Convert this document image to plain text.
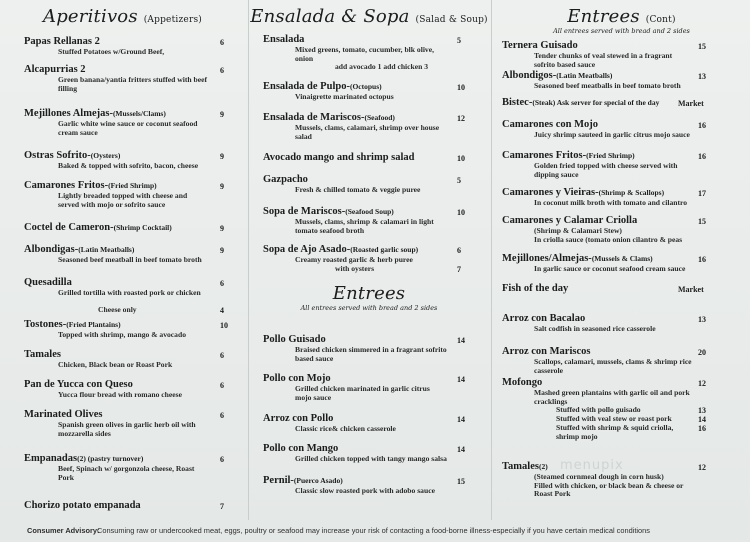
Aperitivos (Appetizers)
Papas Rellanas 2	6
Stuffed Potatoes w/Ground Beef,
Alcapurrias 2	6
Green banana/yantia fritters stuffed with beef filling
Mejillones Almejas-(Mussels/Clams)	9
Garlic white wine sauce or coconut seafood cream sauce
Ostras Sofrito-(Oysters)	9
Baked & topped with sofrito, bacon, cheese
Camarones Fritos-(Fried Shrimp)	9
Lightly breaded topped with cheese and served with mojo or sofrito sauce
Coctel de Cameron-(Shrimp Cocktail)	9
Albondigas-(Latin Meatballs)	9
Seasoned beef meatball in beef tomato broth
Quesadilla	6
Grilled tortilla with roasted pork or chicken
Cheese only	4
Tostones-(Fried Plantains)	10
Topped with shrimp, mango & avocado
Tamales	6
Chicken, Black bean or Roast Pork
Pan de Yucca con Queso	6
Yucca flour bread with romano cheese
Marinated Olives	6
Spanish green olives in garlic herb oil with mozzarella sides
Empanadas(2) (pastry turnover)	6
Beef, Spinach w/ gorgonzola cheese, Roast Pork
Chorizo potato empanada	7
Ensalada & Sopa (Salad & Soup)
Entrees
All entrees served with bread and 2 sides
Ensalada	5
Mixed greens, tomato, cucumber, blk olive, onion
add avocado 1 add chicken 3
Ensalada de Pulpo-(Octopus)	10
Vinaigrette marinated octopus
Ensalada de Mariscos-(Seafood)	12
Mussels, clams, calamari, shrimp over house salad
Avocado mango and shrimp salad	10
Gazpacho	5
Fresh & chilled tomato & veggie puree
Sopa de Mariscos-(Seafood Soup)	10
Mussels, clams, shrimp & calamari in light tomato seafood broth
Sopa de Ajo Asado-(Roasted garlic soup)	6
Creamy roasted garlic & herb puree
with oysters	7
Pollo Guisado	14
Braised chicken simmered in a fragrant sofrito based sauce
Pollo con Mojo	14
Grilled chicken marinated in garlic citrus mojo sauce
Arroz con Pollo	14
Classic rice& chicken casserole
Pollo con Mango	14
Grilled chicken topped with tangy mango salsa
Pernil-(Puerco Asado)	15
Classic slow roasted pork with adobo sauce
Entrees (Cont)
All entrees served with bread and 2 sides
Ternera Guisado	15
Tender chunks of veal stewed in a fragrant sofrito based sauce
Albondigos-(Latin Meatballs)	13
Seasoned beef meatballs in beef tomato broth
Bistec-(Steak) Ask server for special of the day Market
Camarones con Mojo	16
Juicy shrimp sauteed in garlic citrus mojo sauce
Camarones Fritos-(Fried Shrimp)	16
Golden fried topped with cheese served with dipping sauce
Camarones y Vieiras-(Shrimp & Scallops)	17
In coconut milk broth with tomato and cilantro
Camarones y Calamar Criolla	15
(Shrimp & Calamari Stew)
In criolla sauce (tomato onion cilantro & peas
Mejillones/Almejas-(Mussels & Clams)	16
In garlic sauce or coconut seafood cream sauce
Fish of the day	Market
Arroz con Bacalao	13
Salt codfish in seasoned rice casserole
Arroz con Mariscos	20
Scallops, calamari, mussels, clams & shrimp rice casserole
Mofongo	12
Mashed green plantains with garlic oil and pork cracklings
Stuffed with pollo guisado	13
Stuffed with veal stew or roast pork	14
Stuffed with shrimp & squid criolla,	16
shrimp mojo
Tamales(2)	12
(Steamed cornmeal dough in corn husk)
Filled with chicken, or black bean & cheese or Roast Pork
menupix
Consumer Advisory:
Consuming raw or undercooked meat, eggs, poultry or seafood may increase your risk of contacting a food-borne illness-especially if you have certain medical conditions
